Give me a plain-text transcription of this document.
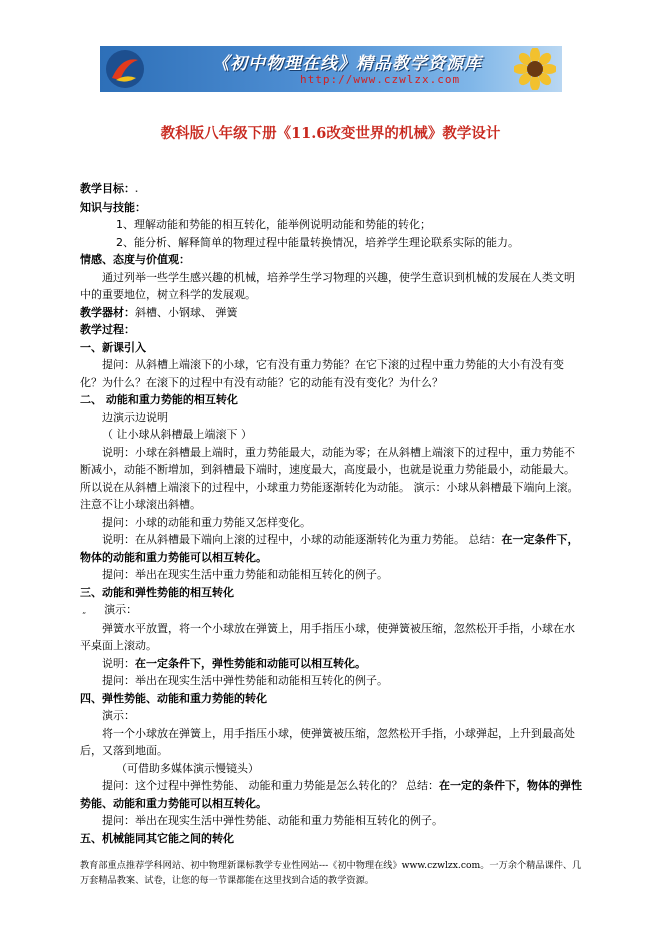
《初中物理在线》精品教学资源库
http://www.czwlzx.com
教科版八年级下册《11.6改变世界的机械》教学设计
教学目标：.
知识与技能：
1、理解动能和势能的相互转化，能举例说明动能和势能的转化；
2、能分析、解释简单的物理过程中能量转换情况，培养学生理论联系实际的能力。
情感、态度与价值观：
通过列举一些学生感兴趣的机械，培养学生学习物理的兴趣，使学生意识到机械的发展在人类文明中的重要地位，树立科学的发展观。
教学器材：斜槽、小钢球、 弹簧
教学过程：
一、新课引入
提问：从斜槽上端滚下的小球，它有没有重力势能？在它下滚的过程中重力势能的大小有没有变化？为什么？在滚下的过程中有没有动能？它的动能有没有变化？为什么？
二、 动能和重力势能的相互转化
边演示边说明
（ 让小球从斜槽最上端滚下 ）
说明：小球在斜槽最上端时，重力势能最大，动能为零；在从斜槽上端滚下的过程中，重力势能不断减小，动能不断增加，到斜槽最下端时，速度最大，高度最小，也就是说重力势能最小，动能最大。所以说在从斜槽上端滚下的过程中，小球重力势能逐渐转化为动能。 演示：小球从斜槽最下端向上滚。注意不让小球滚出斜槽。
提问：小球的动能和重力势能又怎样变化。
说明：在从斜槽最下端向上滚的过程中，小球的动能逐渐转化为重力势能。 总结：在一定条件下， 物体的动能和重力势能可以相互转化。
提问：举出在现实生活中重力势能和动能相互转化的例子。
三、动能和弹性势能的相互转化
„ 演示：
弹簧水平放置，将一个小球放在弹簧上，用手指压小球，使弹簧被压缩，忽然松开手指，小球在水平桌面上滚动。
说明：在一定条件下，弹性势能和动能可以相互转化。
提问：举出在现实生活中弹性势能和动能相互转化的例子。
四、弹性势能、动能和重力势能的转化
演示：
将一个小球放在弹簧上，用手指压小球，使弹簧被压缩，忽然松开手指，小球弹起，上升到最高处后，又落到地面。
（可借助多媒体演示慢镜头）
提问：这个过程中弹性势能、 动能和重力势能是怎么转化的？ 总结：在一定的条件下，物体的弹性势能、动能和重力势能可以相互转化。
提问：举出在现实生活中弹性势能、动能和重力势能相互转化的例子。
五、机械能同其它能之间的转化
教育部重点推荐学科网站、初中物理新课标教学专业性网站---《初中物理在线》www.czwlzx.com。一万余个精品课件、几万套精品教案、试卷，让您的每一节课都能在这里找到合适的教学资源。
